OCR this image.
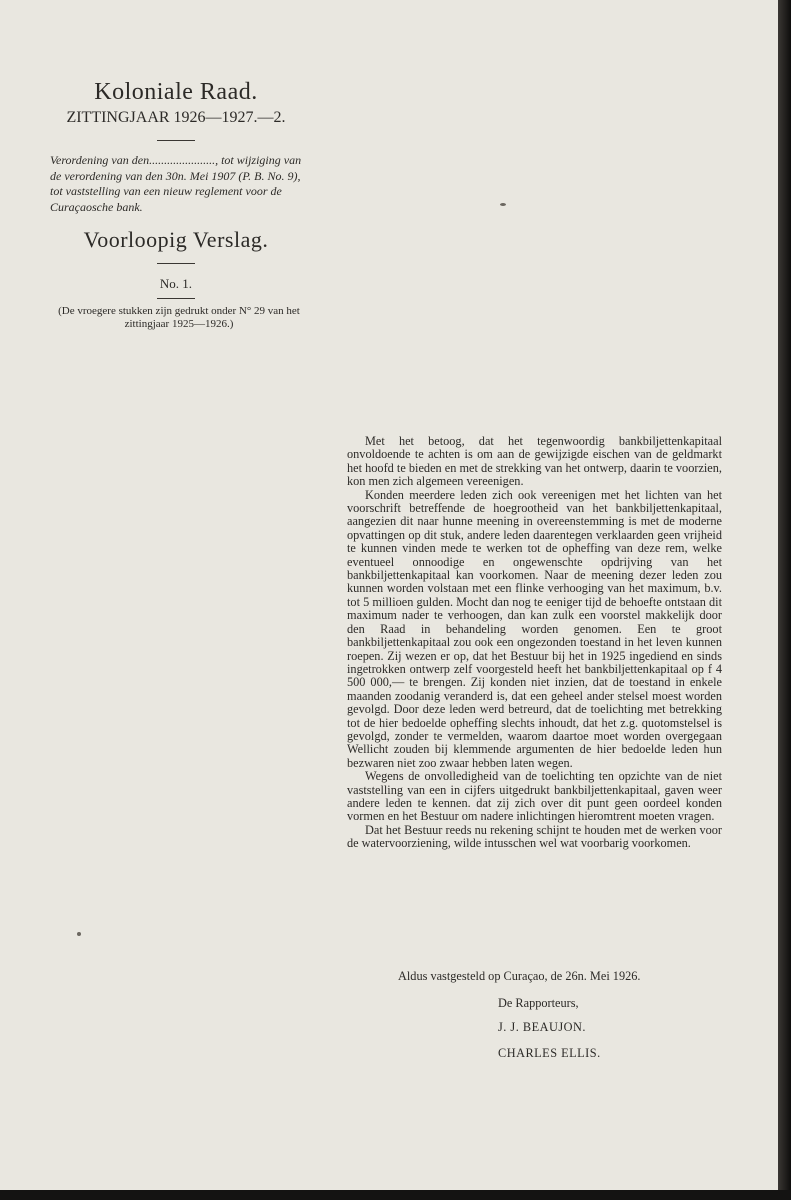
Koloniale Raad.
ZITTINGJAAR 1926—1927.—2.
Verordening van den......................, tot wijziging van de verordening van den 30n. Mei 1907 (P. B. No. 9), tot vaststelling van een nieuw reglement voor de Curaçaosche bank.
Voorloopig Verslag.
No. 1.
(De vroegere stukken zijn gedrukt onder N° 29 van het zittingjaar 1925—1926.)

Met het betoog, dat het tegenwoordig bankbiljettenkapitaal onvoldoende te achten is om aan de gewijzigde eischen van de geldmarkt het hoofd te bieden en met de strekking van het ontwerp, daarin te voorzien, kon men zich algemeen vereenigen.

Konden meerdere leden zich ook vereenigen met het lichten van het voorschrift betreffende de hoegrootheid van het bankbiljettenkapitaal, aangezien dit naar hunne meening in overeenstemming is met de moderne opvattingen op dit stuk, andere leden daarentegen verklaarden geen vrijheid te kunnen vinden mede te werken tot de opheffing van deze rem, welke eventueel onnoodige en ongewenschte opdrijving van het bankbiljettenkapitaal kan voorkomen. Naar de meening dezer leden zou kunnen worden volstaan met een flinke verhooging van het maximum, b.v. tot 5 millioen gulden. Mocht dan nog te eeniger tijd de behoefte ontstaan dit maximum nader te verhoogen, dan kan zulk een voorstel makkelijk door den Raad in behandeling worden genomen. Een te groot bankbiljettenkapitaal zou ook een ongezonden toestand in het leven kunnen roepen. Zij wezen er op, dat het Bestuur bij het in 1925 ingediend en sinds ingetrokken ontwerp zelf voorgesteld heeft het bankbiljettenkapitaal op f 4 500 000,— te brengen. Zij konden niet inzien, dat de toestand in enkele maanden zoodanig veranderd is, dat een geheel ander stelsel moest worden gevolgd. Door deze leden werd betreurd, dat de toelichting met betrekking tot de hier bedoelde opheffing slechts inhoudt, dat het z.g. quotomstelsel is gevolgd, zonder te vermelden, waarom daartoe moet worden overgegaan Wellicht zouden bij klemmende argumenten de hier bedoelde leden hun bezwaren niet zoo zwaar hebben laten wegen.

Wegens de onvolledigheid van de toelichting ten opzichte van de niet vaststelling van een in cijfers uitgedrukt bankbiljettenkapitaal, gaven weer andere leden te kennen. dat zij zich over dit punt geen oordeel konden vormen en het Bestuur om nadere inlichtingen hieromtrent moeten vragen.

Dat het Bestuur reeds nu rekening schijnt te houden met de werken voor de watervoorziening, wilde intusschen wel wat voorbarig voorkomen.

Aldus vastgesteld op Curaçao, de 26n. Mei 1926.
De Rapporteurs,
J. J. BEAUJON.
CHARLES ELLIS.
